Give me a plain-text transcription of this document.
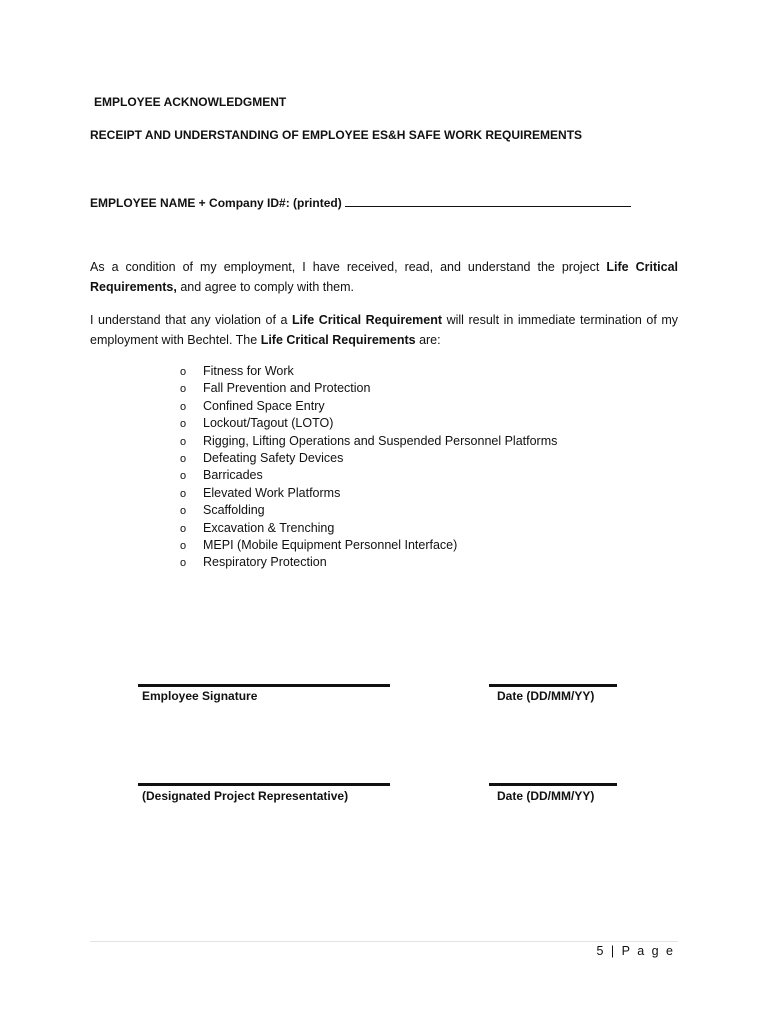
EMPLOYEE ACKNOWLEDGMENT
RECEIPT AND UNDERSTANDING OF EMPLOYEE ES&H SAFE WORK REQUIREMENTS
EMPLOYEE NAME + Company ID#: (printed)
As a condition of my employment, I have received, read, and understand the project Life Critical Requirements, and agree to comply with them.
I understand that any violation of a Life Critical Requirement will result in immediate termination of my employment with Bechtel. The Life Critical Requirements are:
o Fitness for Work
o Fall Prevention and Protection
o Confined Space Entry
o Lockout/Tagout (LOTO)
o Rigging, Lifting Operations and Suspended Personnel Platforms
o Defeating Safety Devices
o Barricades
o Elevated Work Platforms
o Scaffolding
o Excavation & Trenching
o MEPI (Mobile Equipment Personnel Interface)
o Respiratory Protection
Employee Signature	Date (DD/MM/YY)
(Designated Project Representative)	Date (DD/MM/YY)
5 | P a g e
